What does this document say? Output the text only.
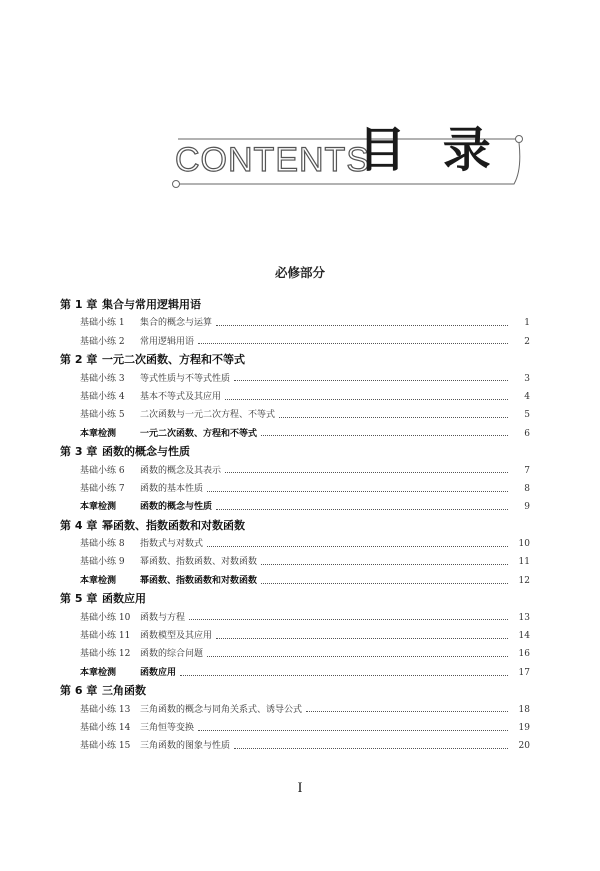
CONTENTS
目 录
必修部分
第 1 章 集合与常用逻辑用语
基础小练 1	集合的概念与运算	1
基础小练 2	常用逻辑用语	2
第 2 章 一元二次函数、方程和不等式
基础小练 3	等式性质与不等式性质	3
基础小练 4	基本不等式及其应用	4
基础小练 5	二次函数与一元二次方程、不等式	5
本章检测	一元二次函数、方程和不等式	6
第 3 章 函数的概念与性质
基础小练 6	函数的概念及其表示	7
基础小练 7	函数的基本性质	8
本章检测	函数的概念与性质	9
第 4 章 幂函数、指数函数和对数函数
基础小练 8	指数式与对数式	10
基础小练 9	幂函数、指数函数、对数函数	11
本章检测	幂函数、指数函数和对数函数	12
第 5 章 函数应用
基础小练 10	函数与方程	13
基础小练 11	函数模型及其应用	14
基础小练 12	函数的综合问题	16
本章检测	函数应用	17
第 6 章 三角函数
基础小练 13	三角函数的概念与同角关系式、诱导公式	18
基础小练 14	三角恒等变换	19
基础小练 15	三角函数的图象与性质	20
I
